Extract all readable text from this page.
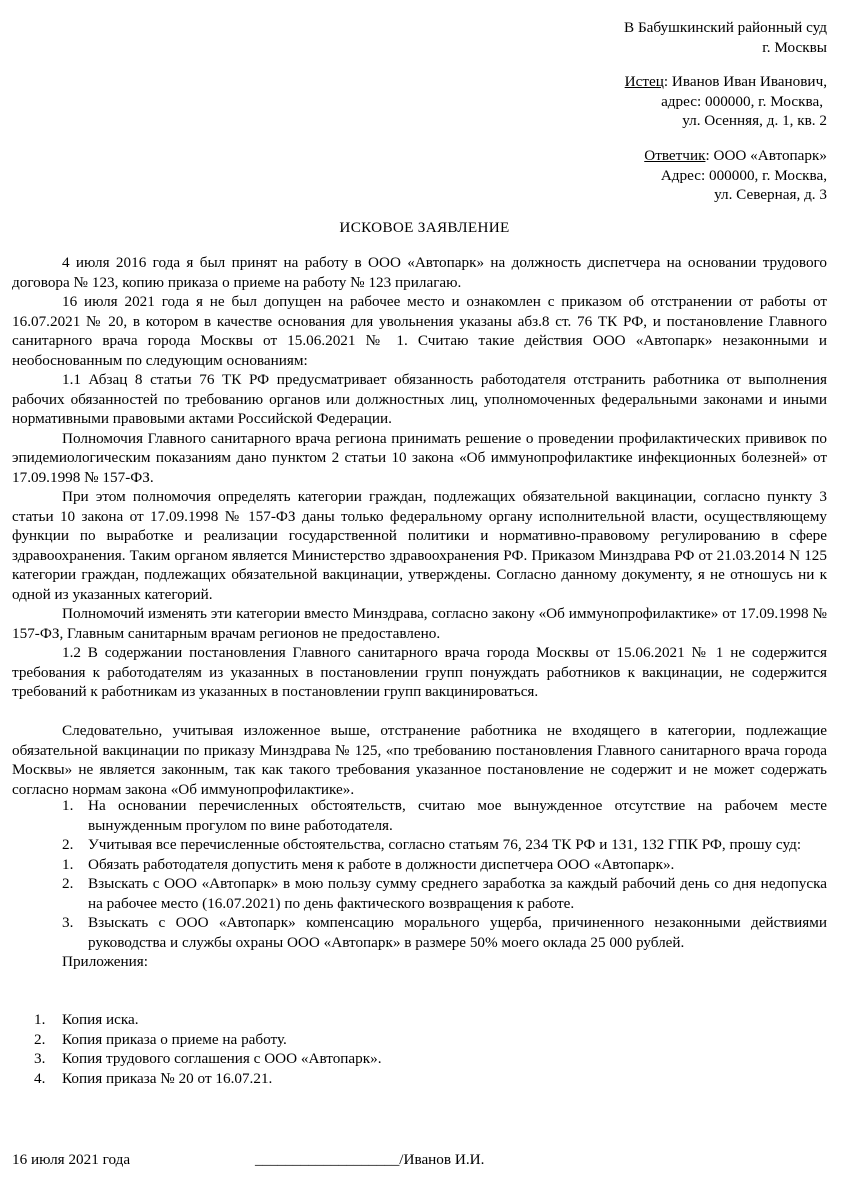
В Бабушкинский районный суд
г. Москвы
Истец: Иванов Иван Иванович,
адрес: 000000, г. Москва,
ул. Осенняя, д. 1, кв. 2
Ответчик: ООО «Автопарк»
Адрес: 000000, г. Москва,
ул. Северная, д. 3
ИСКОВОЕ ЗАЯВЛЕНИЕ

4 июля 2016 года я был принят на работу в ООО «Автопарк» на должность диспетчера на основании трудового договора № 123, копию приказа о приеме на работу № 123 прилагаю.

16 июля 2021 года я не был допущен на рабочее место и ознакомлен с приказом об отстранении от работы от 16.07.2021 № 20, в котором в качестве основания для увольнения указаны абз.8 ст. 76 ТК РФ, и постановление Главного санитарного врача города Москвы от 15.06.2021 № 1. Считаю такие действия ООО «Автопарк» незаконными и необоснованным по следующим основаниям:

1.1 Абзац 8 статьи 76 ТК РФ предусматривает обязанность работодателя отстранить работника от выполнения рабочих обязанностей по требованию органов или должностных лиц, уполномоченных федеральными законами и иными нормативными правовыми актами Российской Федерации.

Полномочия Главного санитарного врача региона принимать решение о проведении профилактических прививок по эпидемиологическим показаниям дано пунктом 2 статьи 10 закона «Об иммунопрофилактике инфекционных болезней» от 17.09.1998 № 157-ФЗ.

При этом полномочия определять категории граждан, подлежащих обязательной вакцинации, согласно пункту 3 статьи 10 закона от 17.09.1998 № 157-ФЗ даны только федеральному органу исполнительной власти, осуществляющему функции по выработке и реализации государственной политики и нормативно-правовому регулированию в сфере здравоохранения. Таким органом является Министерство здравоохранения РФ. Приказом Минздрава РФ от 21.03.2014 N 125 категории граждан, подлежащих обязательной вакцинации, утверждены. Согласно данному документу, я не отношусь ни к одной из указанных категорий.

Полномочий изменять эти категории вместо Минздрава, согласно закону «Об иммунопрофилактике» от 17.09.1998 № 157-ФЗ, Главным санитарным врачам регионов не предоставлено.

1.2 В содержании постановления Главного санитарного врача города Москвы от 15.06.2021 № 1 не содержится требования к работодателям из указанных в постановлении групп понуждать работников к вакцинации, не содержится требований к работникам из указанных в постановлении групп вакцинироваться.

Следовательно, учитывая изложенное выше, отстранение работника не входящего в категории, подлежащие обязательной вакцинации по приказу Минздрава № 125, «по требованию постановления Главного санитарного врача города Москвы» не является законным, так как такого требования указанное постановление не содержит и не может содержать согласно нормам закона «Об иммунопрофилактике».

1. На основании перечисленных обстоятельств, считаю мое вынужденное отсутствие на рабочем месте вынужденным прогулом по вине работодателя.
2. Учитывая все перечисленные обстоятельства, согласно статьям 76, 234 ТК РФ и 131, 132 ГПК РФ, прошу суд:
1. Обязать работодателя допустить меня к работе в должности диспетчера ООО «Автопарк».
2. Взыскать с ООО «Автопарк» в мою пользу сумму среднего заработка за каждый рабочий день со дня недопуска на рабочее место (16.07.2021) по день фактического возвращения к работе.
3. Взыскать с ООО «Автопарк» компенсацию морального ущерба, причиненного незаконными действиями руководства и службы охраны ООО «Автопарк» в размере 50% моего оклада 25 000 рублей.
Приложения:
1. Копия иска.
2. Копия приказа о приеме на работу.
3. Копия трудового соглашения с ООО «Автопарк».
4. Копия приказа № 20 от 16.07.21.
16 июля 2021 года	___________________/Иванов И.И.
